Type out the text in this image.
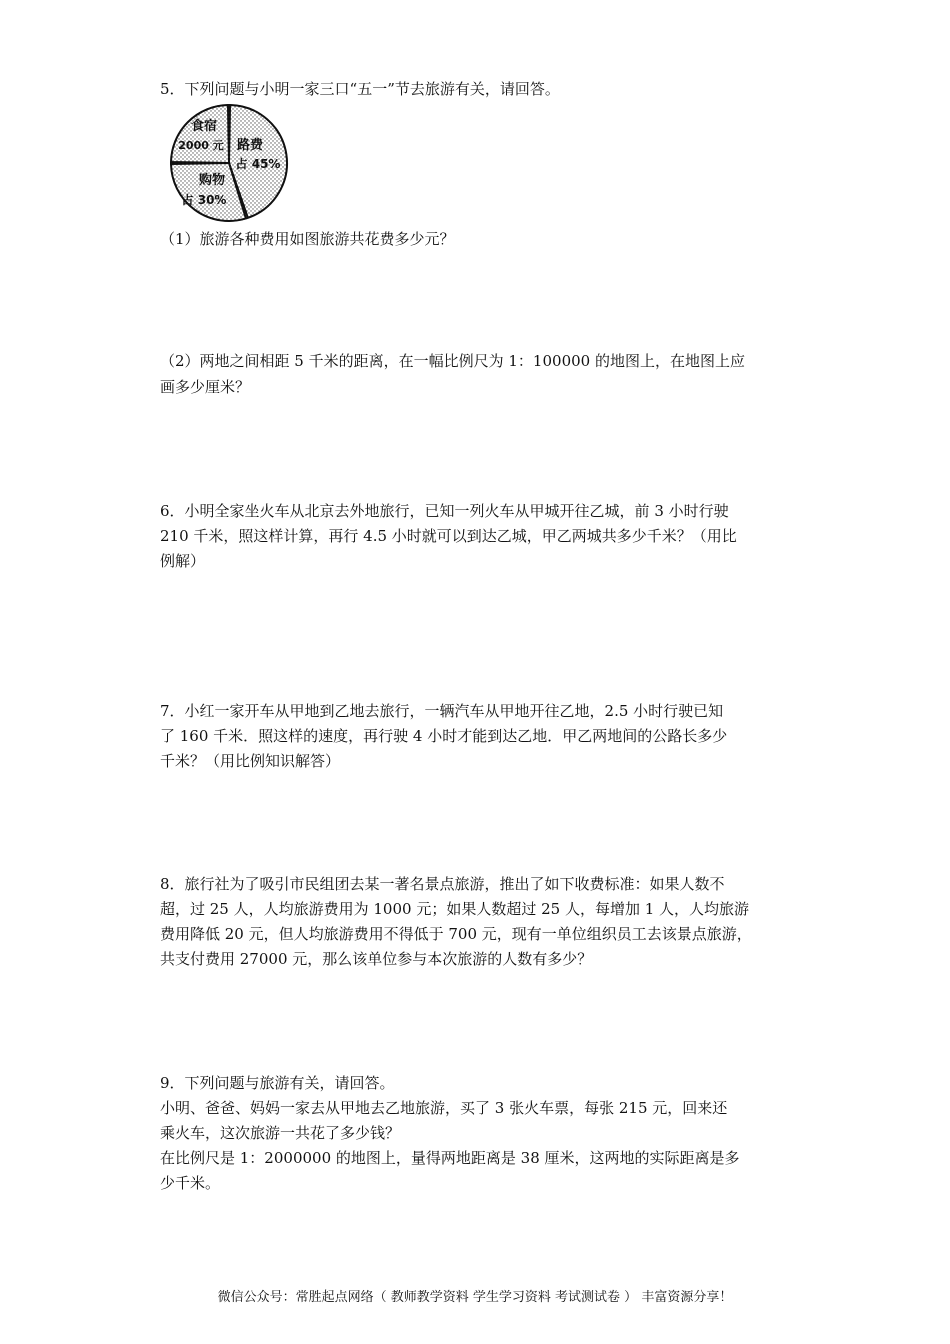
5．下列问题与小明一家三口“五一”节去旅游有关，请回答。
路费
占 45%
购物
占 30%
食宿
2000 元
（1）旅游各种费用如图旅游共花费多少元？
（2）两地之间相距 5 千米的距离，在一幅比例尺为 1：100000 的地图上，在地图上应
画多少厘米？
6．小明全家坐火车从北京去外地旅行，已知一列火车从甲城开往乙城，前 3 小时行驶
210 千米，照这样计算，再行 4.5 小时就可以到达乙城，甲乙两城共多少千米？（用比
例解）
7．小红一家开车从甲地到乙地去旅行，一辆汽车从甲地开往乙地，2.5 小时行驶已知
了 160 千米．照这样的速度，再行驶 4 小时才能到达乙地．甲乙两地间的公路长多少
千米？（用比例知识解答）
8．旅行社为了吸引市民组团去某一著名景点旅游，推出了如下收费标准：如果人数不
超，过 25 人，人均旅游费用为 1000 元；如果人数超过 25 人，每增加 1 人，人均旅游
费用降低 20 元，但人均旅游费用不得低于 700 元，现有一单位组织员工去该景点旅游，
共支付费用 27000 元，那么该单位参与本次旅游的人数有多少？
9．下列问题与旅游有关，请回答。
小明、爸爸、妈妈一家去从甲地去乙地旅游，买了 3 张火车票，每张 215 元，回来还
乘火车，这次旅游一共花了多少钱？
在比例尺是 1：2000000 的地图上，量得两地距离是 38 厘米，这两地的实际距离是多
少千米。
微信公众号：常胜起点网络（ 教师教学资料 学生学习资料 考试测试卷 ） 丰富资源分享！
